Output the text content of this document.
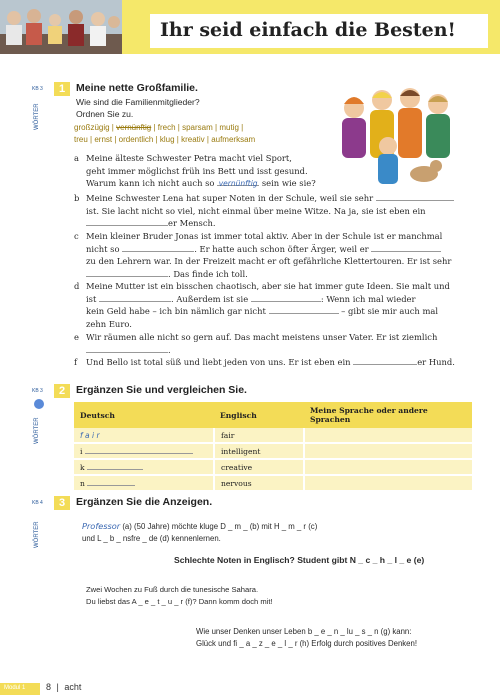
Ihr seid einfach die Besten!
KB 3	1
WÖRTER
Meine nette Großfamilie.
Wie sind die Familienmitglieder?
Ordnen Sie zu.
großzügig | vernünftig | frech | sparsam | mutig |
treu | ernst | ordentlich | klug | kreativ | aufmerksam
a Meine älteste Schwester Petra macht viel Sport,
geht immer möglichst früh ins Bett und isst gesund.
Warum kann ich nicht auch so vernünftig sein wie sie?
b Meine Schwester Lena hat super Noten in der Schule, weil sie sehr
ist. Sie lacht nicht so viel, nicht einmal über meine Witze. Na ja, sie ist eben ein
er Mensch.
c Mein kleiner Bruder Jonas ist immer total aktiv. Aber in der Schule ist er manchmal
nicht so	. Er hatte auch schon öfter Ärger, weil er
zu den Lehrern war. In der Freizeit macht er oft gefährliche Klettertouren. Er ist sehr
. Das finde ich toll.
d Meine Mutter ist ein bisschen chaotisch, aber sie hat immer gute Ideen. Sie malt und
ist	. Außerdem ist sie	: Wenn ich mal wieder
kein Geld habe – ich bin nämlich gar nicht	– gibt sie mir auch mal
zehn Euro.
e Wir räumen alle nicht so gern auf. Das macht meistens unser Vater. Er ist ziemlich
.
f	Und Bello ist total süß und liebt jeden von uns. Er ist eben ein	er Hund.
KB 3	2
WÖRTER
Ergänzen Sie und vergleichen Sie.
Deutsch	Englisch	Meine Sprache oder andere Sprachen
f a i r	fair	
i	intelligent	
k	creative	
n	nervous	
KB 4	3
WÖRTER
Ergänzen Sie die Anzeigen.
Professor (a) (50 Jahre) möchte kluge D _ m _ (b) mit H _ m _ r (c)
und L _ b _ nsfre _ de (d) kennenlernen.
Schlechte Noten in Englisch? Student gibt N _ c _ h _ l _ e (e)
Zwei Wochen zu Fuß durch die tunesische Sahara.
Du liebst das A _ e _ t _ u _ r (f)? Dann komm doch mit!
Wie unser Denken unser Leben b _ e _ n _ lu _ s _ n (g) kann:
Glück und fi _ a _ z _ e _ l _ r (h) Erfolg durch positives Denken!
Modul 1	8 | acht
